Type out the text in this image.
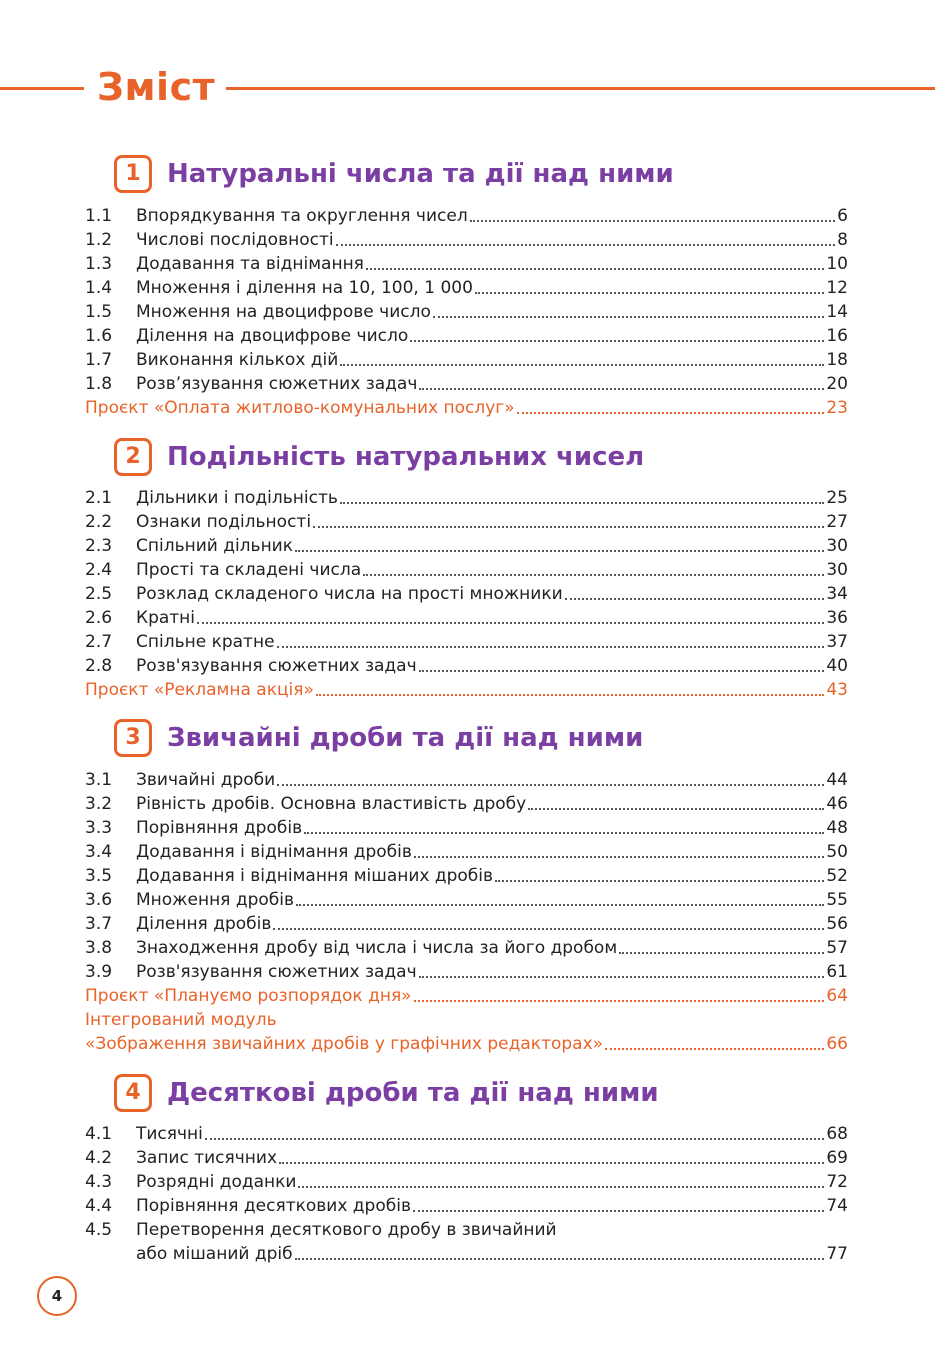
Зміст
1	Натуральні числа та дії над ними
1.1	Впорядкування та округлення чисел	6
1.2	Числові послідовності	8
1.3	Додавання та віднімання	10
1.4	Множення і ділення на 10, 100, 1 000	12
1.5	Множення на двоцифрове число	14
1.6	Ділення на двоцифрове число	16
1.7	Виконання кількох дій	18
1.8	Розв’язування сюжетних задач	20
Проєкт «Оплата житлово-комунальних послуг»	23
2	Подільність натуральних чисел
2.1	Дільники і подільність	25
2.2	Ознаки подільності	27
2.3	Спільний дільник	30
2.4	Прості та складені числа	30
2.5	Розклад складеного числа на прості множники	34
2.6	Кратні	36
2.7	Спільне кратне	37
2.8	Розв'язування сюжетних задач	40
Проєкт «Рекламна акція»	43
3	Звичайні дроби та дії над ними
3.1	Звичайні дроби	44
3.2	Рівність дробів. Основна властивість дробу	46
3.3	Порівняння дробів	48
3.4	Додавання і віднімання дробів	50
3.5	Додавання і віднімання мішаних дробів	52
3.6	Множення дробів	55
3.7	Ділення дробів	56
3.8	Знаходження дробу від числа і числа за його дробом	57
3.9	Розв'язування сюжетних задач	61
Проєкт «Плануємо розпорядок дня»	64
Інтегрований модуль
«Зображення звичайних дробів у графічних редакторах»	66
4	Десяткові дроби та дії над ними
4.1	Тисячні	68
4.2	Запис тисячних	69
4.3	Розрядні доданки	72
4.4	Порівняння десяткових дробів	74
4.5	Перетворення десяткового дробу в звичайний
або мішаний дріб	77
4
